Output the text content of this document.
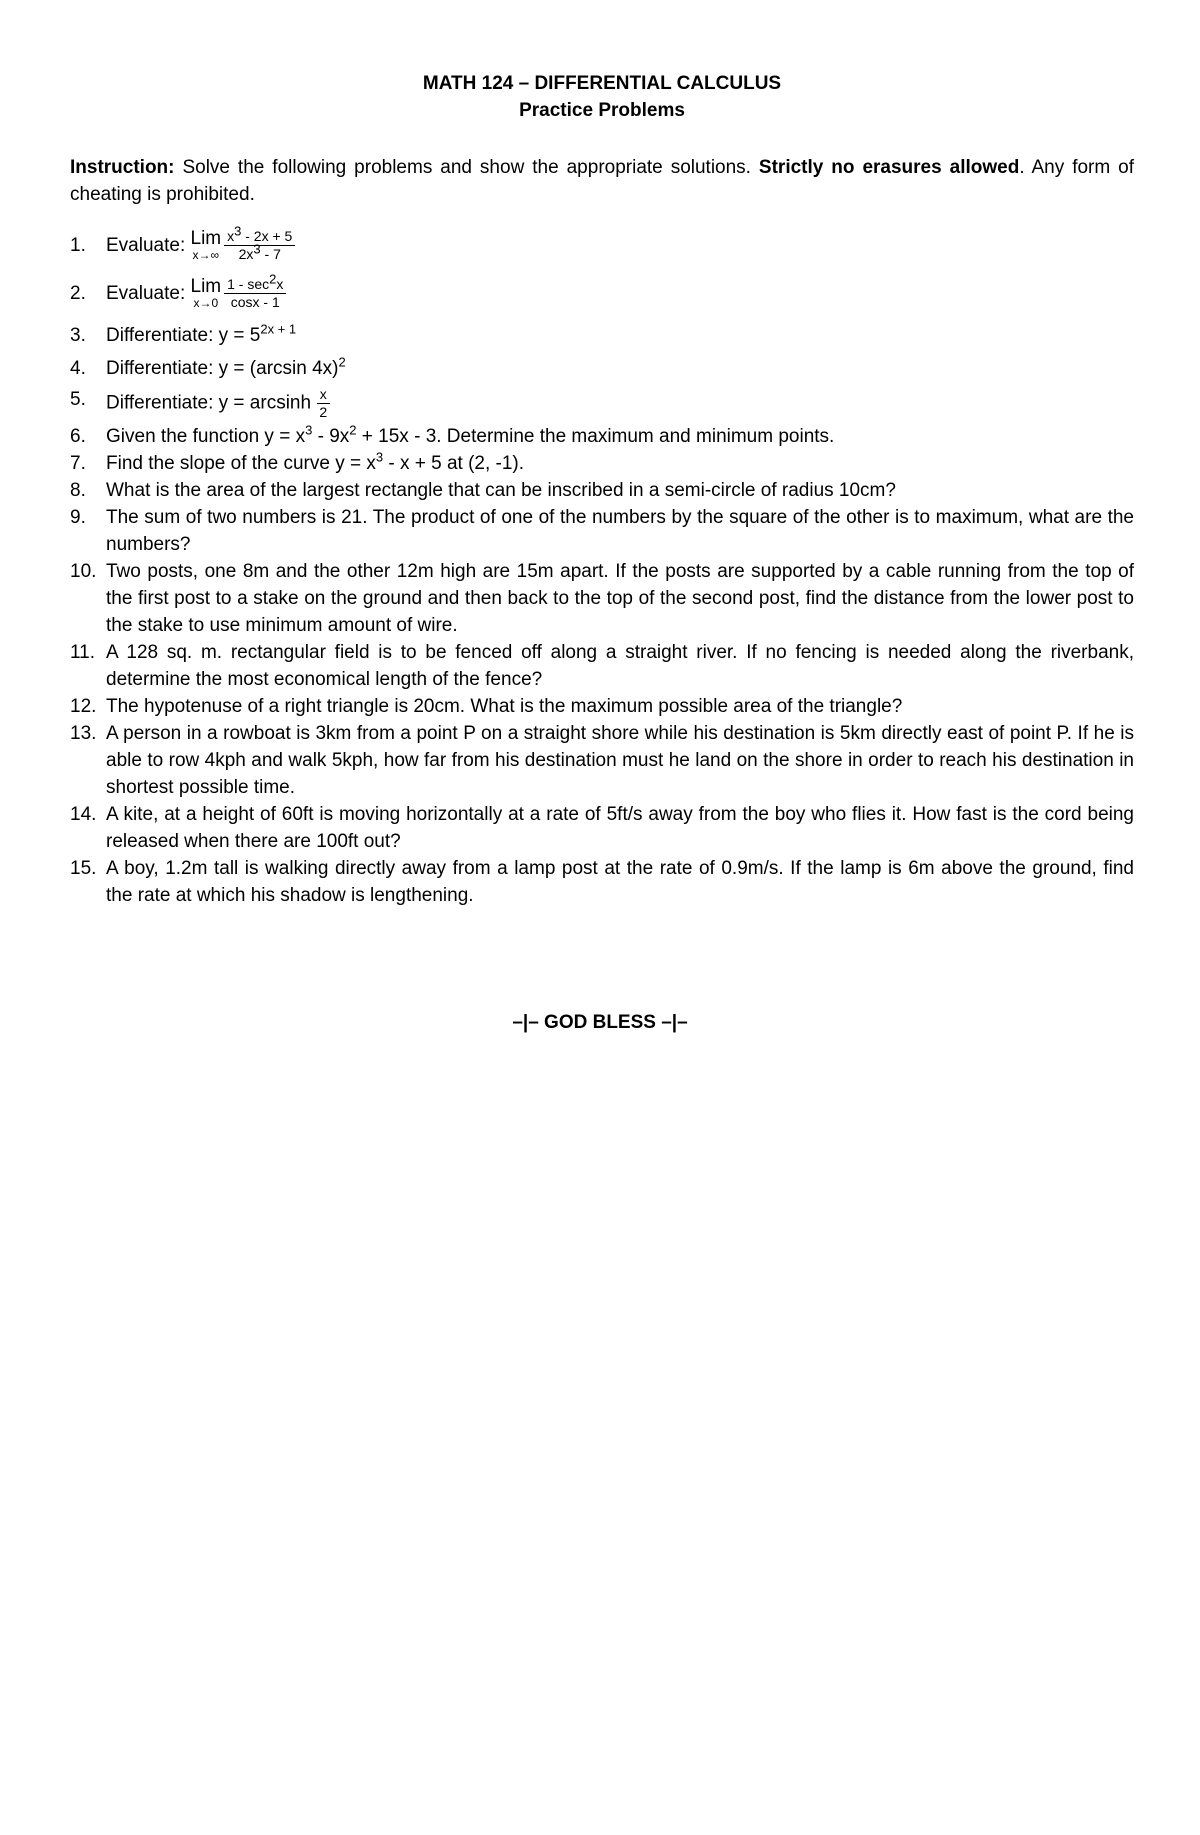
MATH 124 – DIFFERENTIAL CALCULUS
Practice Problems
Instruction: Solve the following problems and show the appropriate solutions. Strictly no erasures allowed. Any form of cheating is prohibited.
1.	Evaluate: Lim
$x\to\infty \frac{x^3 - 2x + 5}{2x^3 - 7}$
2.	Evaluate: Lim
$x\to 0 \frac{1 - \sec^2x}{\cos x - 1}$
3.	Differentiate: $y = 5^{2x + 1}$
4.	Differentiate: y = (arcsin 4x)$^2$
5.	Differentiate: y = arcsinh $\frac{x}{2}$
6.	Given the function $y = x^3 - 9x^2 + 15x - 3$. Determine the maximum and minimum points.
7.	Find the slope of the curve $y = x^3 - x + 5$ at (2, -1).
8.	What is the area of the largest rectangle that can be inscribed in a semi-circle of radius 10cm?
9.	The sum of two numbers is 21. The product of one of the numbers by the square of the other is to maximum, what are the numbers?
10. Two posts, one 8m and the other 12m high are 15m apart. If the posts are supported by a cable running from the top of the first post to a stake on the ground and then back to the top of the second post, find the distance from the lower post to the stake to use minimum amount of wire.
11. A 128 sq. m. rectangular field is to be fenced off along a straight river. If no fencing is needed along the riverbank, determine the most economical length of the fence?
12. The hypotenuse of a right triangle is 20cm. What is the maximum possible area of the triangle?
13. A person in a rowboat is 3km from a point P on a straight shore while his destination is 5km directly east of point P. If he is able to row 4kph and walk 5kph, how far from his destination must he land on the shore in order to reach his destination in shortest possible time.
14. A kite, at a height of 60ft is moving horizontally at a rate of 5ft/s away from the boy who flies it. How fast is the cord being released when there are 100ft out?
15. A boy, 1.2m tall is walking directly away from a lamp post at the rate of 0.9m/s. If the lamp is 6m above the ground, find the rate at which his shadow is lengthening.
–|– GOD BLESS –|–
